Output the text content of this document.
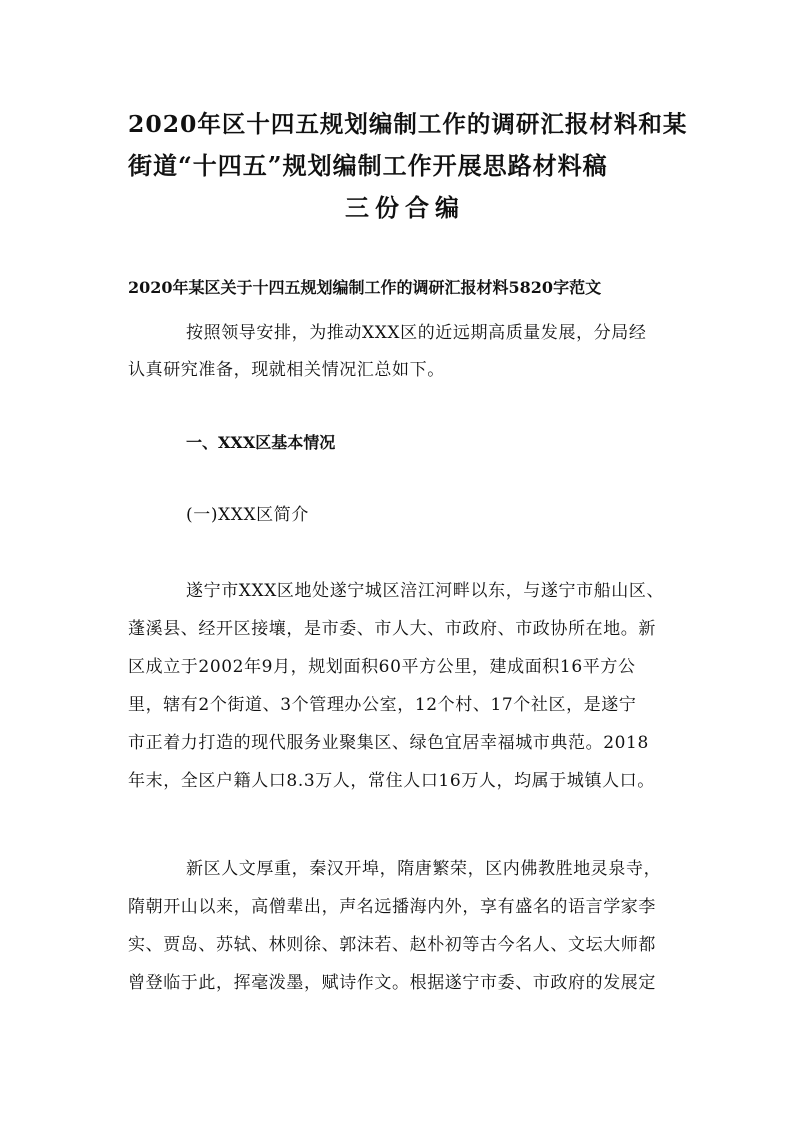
2020年区十四五规划编制工作的调研汇报材料和某
街道“十四五”规划编制工作开展思路材料稿
三份合编
2020年某区关于十四五规划编制工作的调研汇报材料5820字范文
按照领导安排，为推动XXX区的近远期高质量发展，分局经
认真研究准备，现就相关情况汇总如下。
一、XXX区基本情况
(一)XXX区简介
遂宁市XXX区地处遂宁城区涪江河畔以东，与遂宁市船山区、
蓬溪县、经开区接壤，是市委、市人大、市政府、市政协所在地。新
区成立于2002年9月，规划面积60平方公里，建成面积16平方公
里，辖有2个街道、3个管理办公室，12个村、17个社区，是遂宁
市正着力打造的现代服务业聚集区、绿色宜居幸福城市典范。2018
年末，全区户籍人口8.3万人，常住人口16万人，均属于城镇人口。
新区人文厚重，秦汉开埠，隋唐繁荣，区内佛教胜地灵泉寺，
隋朝开山以来，高僧辈出，声名远播海内外，享有盛名的语言学家李
实、贾岛、苏轼、林则徐、郭沫若、赵朴初等古今名人、文坛大师都
曾登临于此，挥毫泼墨，赋诗作文。根据遂宁市委、市政府的发展定
